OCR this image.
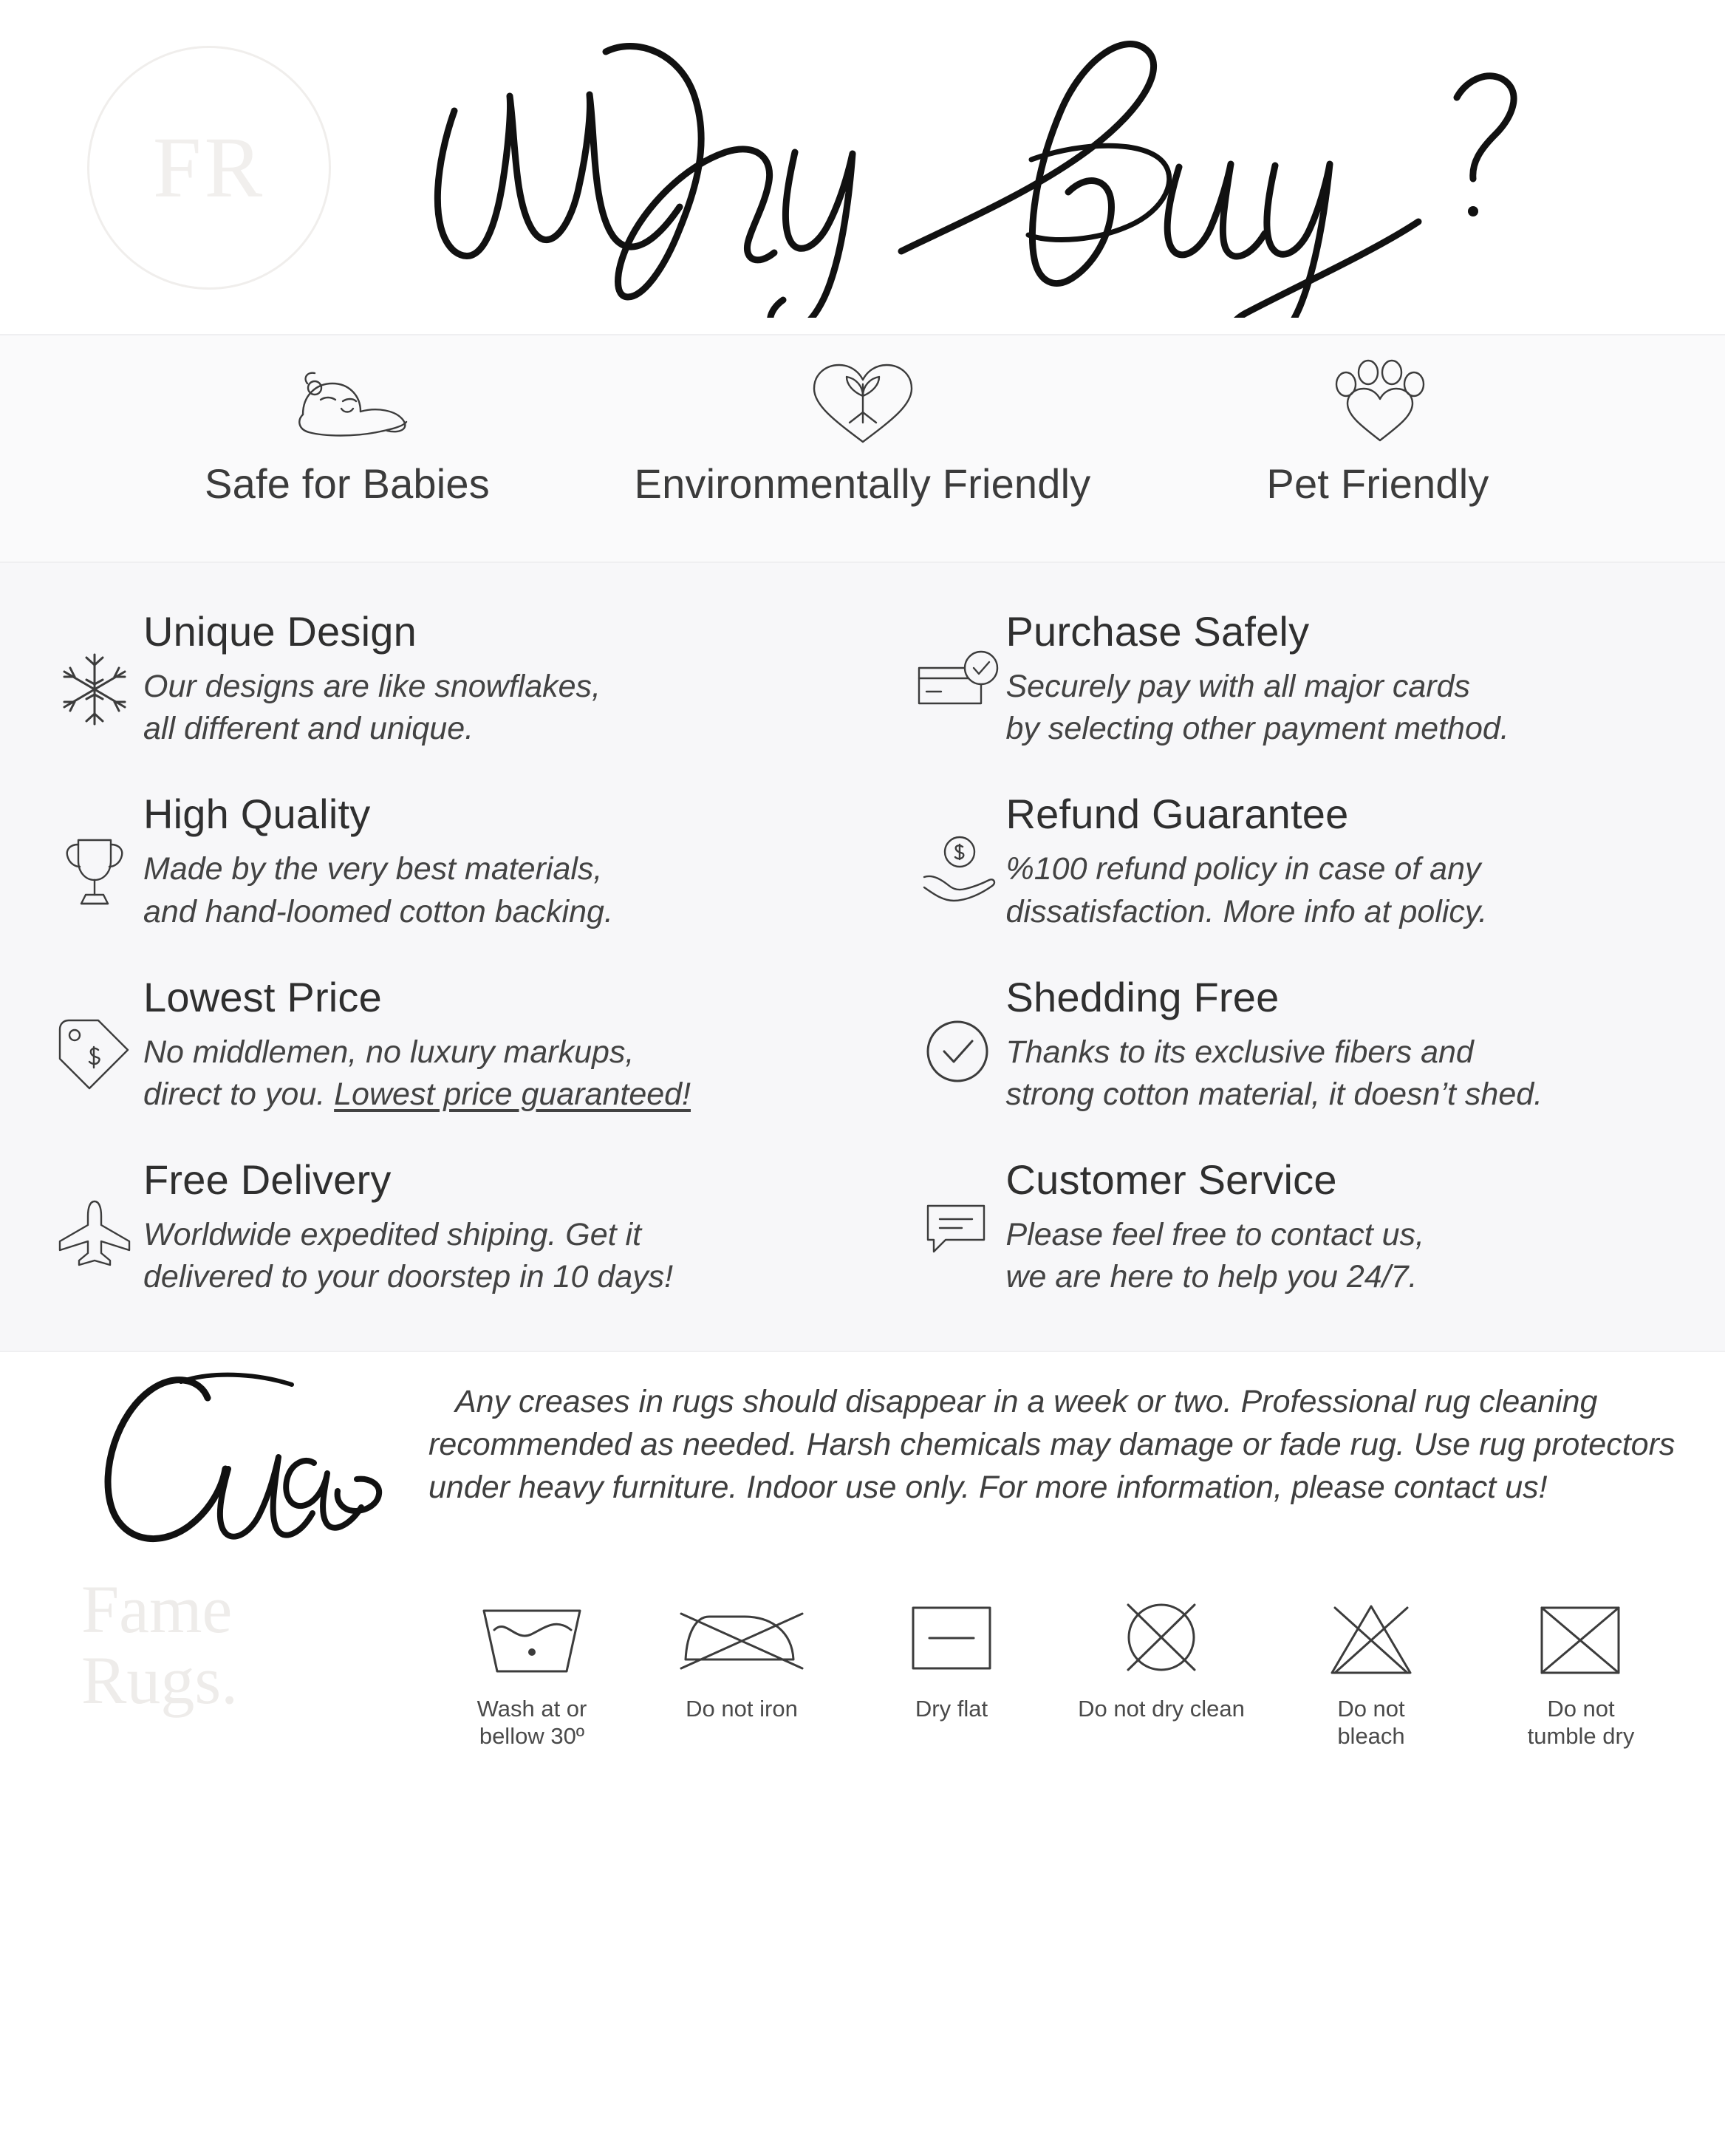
FR
Safe for Babies	Environmentally Friendly	Pet Friendly
Unique Design
Our designs are like snowflakes,
all different and unique.
Purchase Safely
Securely pay with all major cards
by selecting other payment method.
High Quality
Made by the very best materials,
and hand-loomed cotton backing.
Refund Guarantee
%100 refund policy in case of any
dissatisfaction. More info at policy.
Lowest Price
No middlemen, no luxury markups,
direct to you. Lowest price guaranteed!
Shedding Free
Thanks to its exclusive fibers and
strong cotton material, it doesn’t shed.
Free Delivery
Worldwide expedited shiping. Get it
delivered to your doorstep in 10 days!
Customer Service
Please feel free to contact us,
we are here to help you 24/7.
Fame
Rugs.
Any creases in rugs should disappear in a week or two. Professional rug cleaning recommended as needed. Harsh chemicals may damage or fade rug. Use rug protectors under heavy furniture. Indoor use only. For more information, please contact us!
Wash at or
bellow 30º
Do not iron	Dry flat	Do not dry clean	Do not
bleach
Do not
tumble dry
